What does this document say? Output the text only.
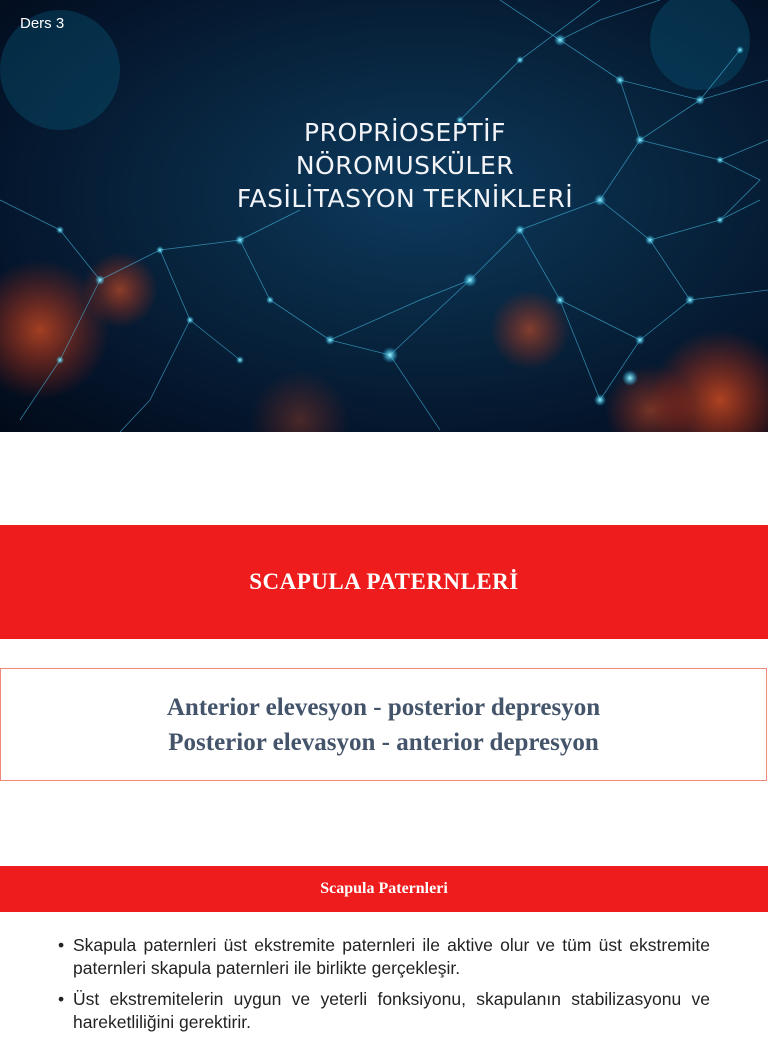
Ders 3
PROPRİOSEPTİF
NÖROMUSKÜLER
FASİLİTASYON TEKNİKLERİ
SCAPULA PATERNLERİ
Anterior elevesyon - posterior depresyon
Posterior elevasyon - anterior depresyon
Scapula Paternleri
• Skapula paternleri üst ekstremite paternleri ile aktive olur ve tüm üst ekstremite paternleri skapula paternleri ile birlikte gerçekleşir.
• Üst ekstremitelerin uygun ve yeterli fonksiyonu, skapulanın stabilizasyonu ve hareketliliğini gerektirir.
